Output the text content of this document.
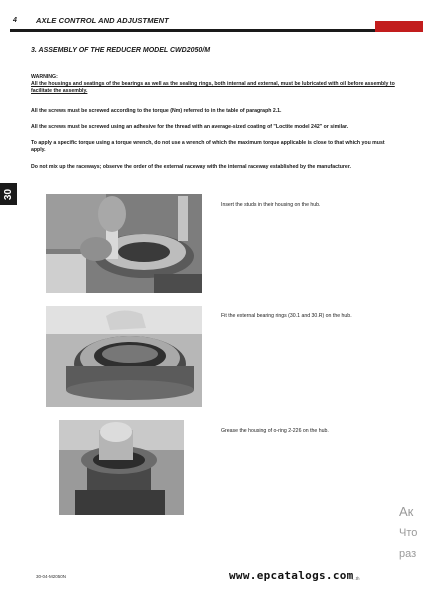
4	AXLE CONTROL AND ADJUSTMENT
3. ASSEMBLY OF THE REDUCER MODEL CWD2050/M
WARNING:
All the housings and seatings of the bearings as well as the sealing rings, both internal and external, must be lubricated with oil before assembly to facilitate the assembly.
All the screws must be screwed according to the torque (Nm) referred to in the table of paragraph 2.1.
All the screws must be screwed using an adhesive for the thread with an average-sized coating of "Loctite model 242" or similar.
To apply a specific torque using a torque wrench, do not use a wrench of which the maximum torque applicable is close to that which you must apply.
Do not mix up the raceways; observe the order of the external raceway with the internal raceway established by the manufacturer.
30
Insert the studs in their housing on the hub.
Fit the external bearing rings (30.1 and 30.R) on the hub.
Grease the housing of o-ring 2-226 on the hub.
30-04-M2050N	...th
www.epcatalogs.com
Ак
Что
раз
